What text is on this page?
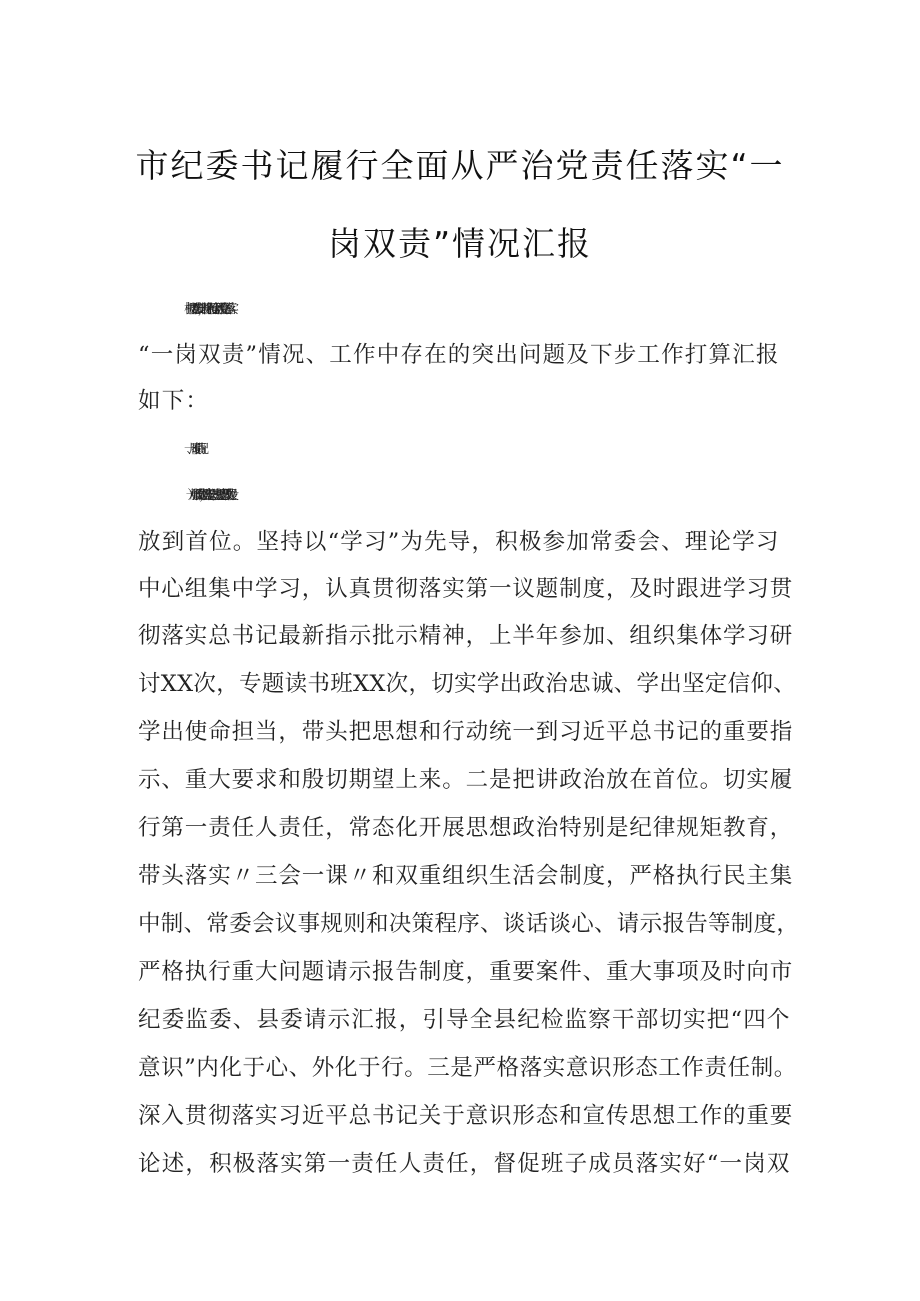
市纪委书记履行全面从严治党责任落实“一
岗双责”情况汇报
根据市委工作安排，现将个人履行全面从严治党责任、落实
“一岗双责”情况、工作中存在的突出问题及下步工作打算汇报
如下：
一、履职情况
（一）加强政治建设，筑牢思想之魂。一是把思想政治建设
放到首位。坚持以“学习”为先导，积极参加常委会、理论学习
中心组集中学习，认真贯彻落实第一议题制度，及时跟进学习贯
彻落实总书记最新指示批示精神，上半年参加、组织集体学习研
讨XX次，专题读书班XX次，切实学出政治忠诚、学出坚定信仰、
学出使命担当，带头把思想和行动统一到习近平总书记的重要指
示、重大要求和殷切期望上来。二是把讲政治放在首位。切实履
行第一责任人责任，常态化开展思想政治特别是纪律规矩教育，
带头落实〃三会一课〃和双重组织生活会制度，严格执行民主集
中制、常委会议事规则和决策程序、谈话谈心、请示报告等制度，
严格执行重大问题请示报告制度，重要案件、重大事项及时向市
纪委监委、县委请示汇报，引导全县纪检监察干部切实把“四个
意识”内化于心、外化于行。三是严格落实意识形态工作责任制。
深入贯彻落实习近平总书记关于意识形态和宣传思想工作的重要
论述，积极落实第一责任人责任，督促班子成员落实好“一岗双
